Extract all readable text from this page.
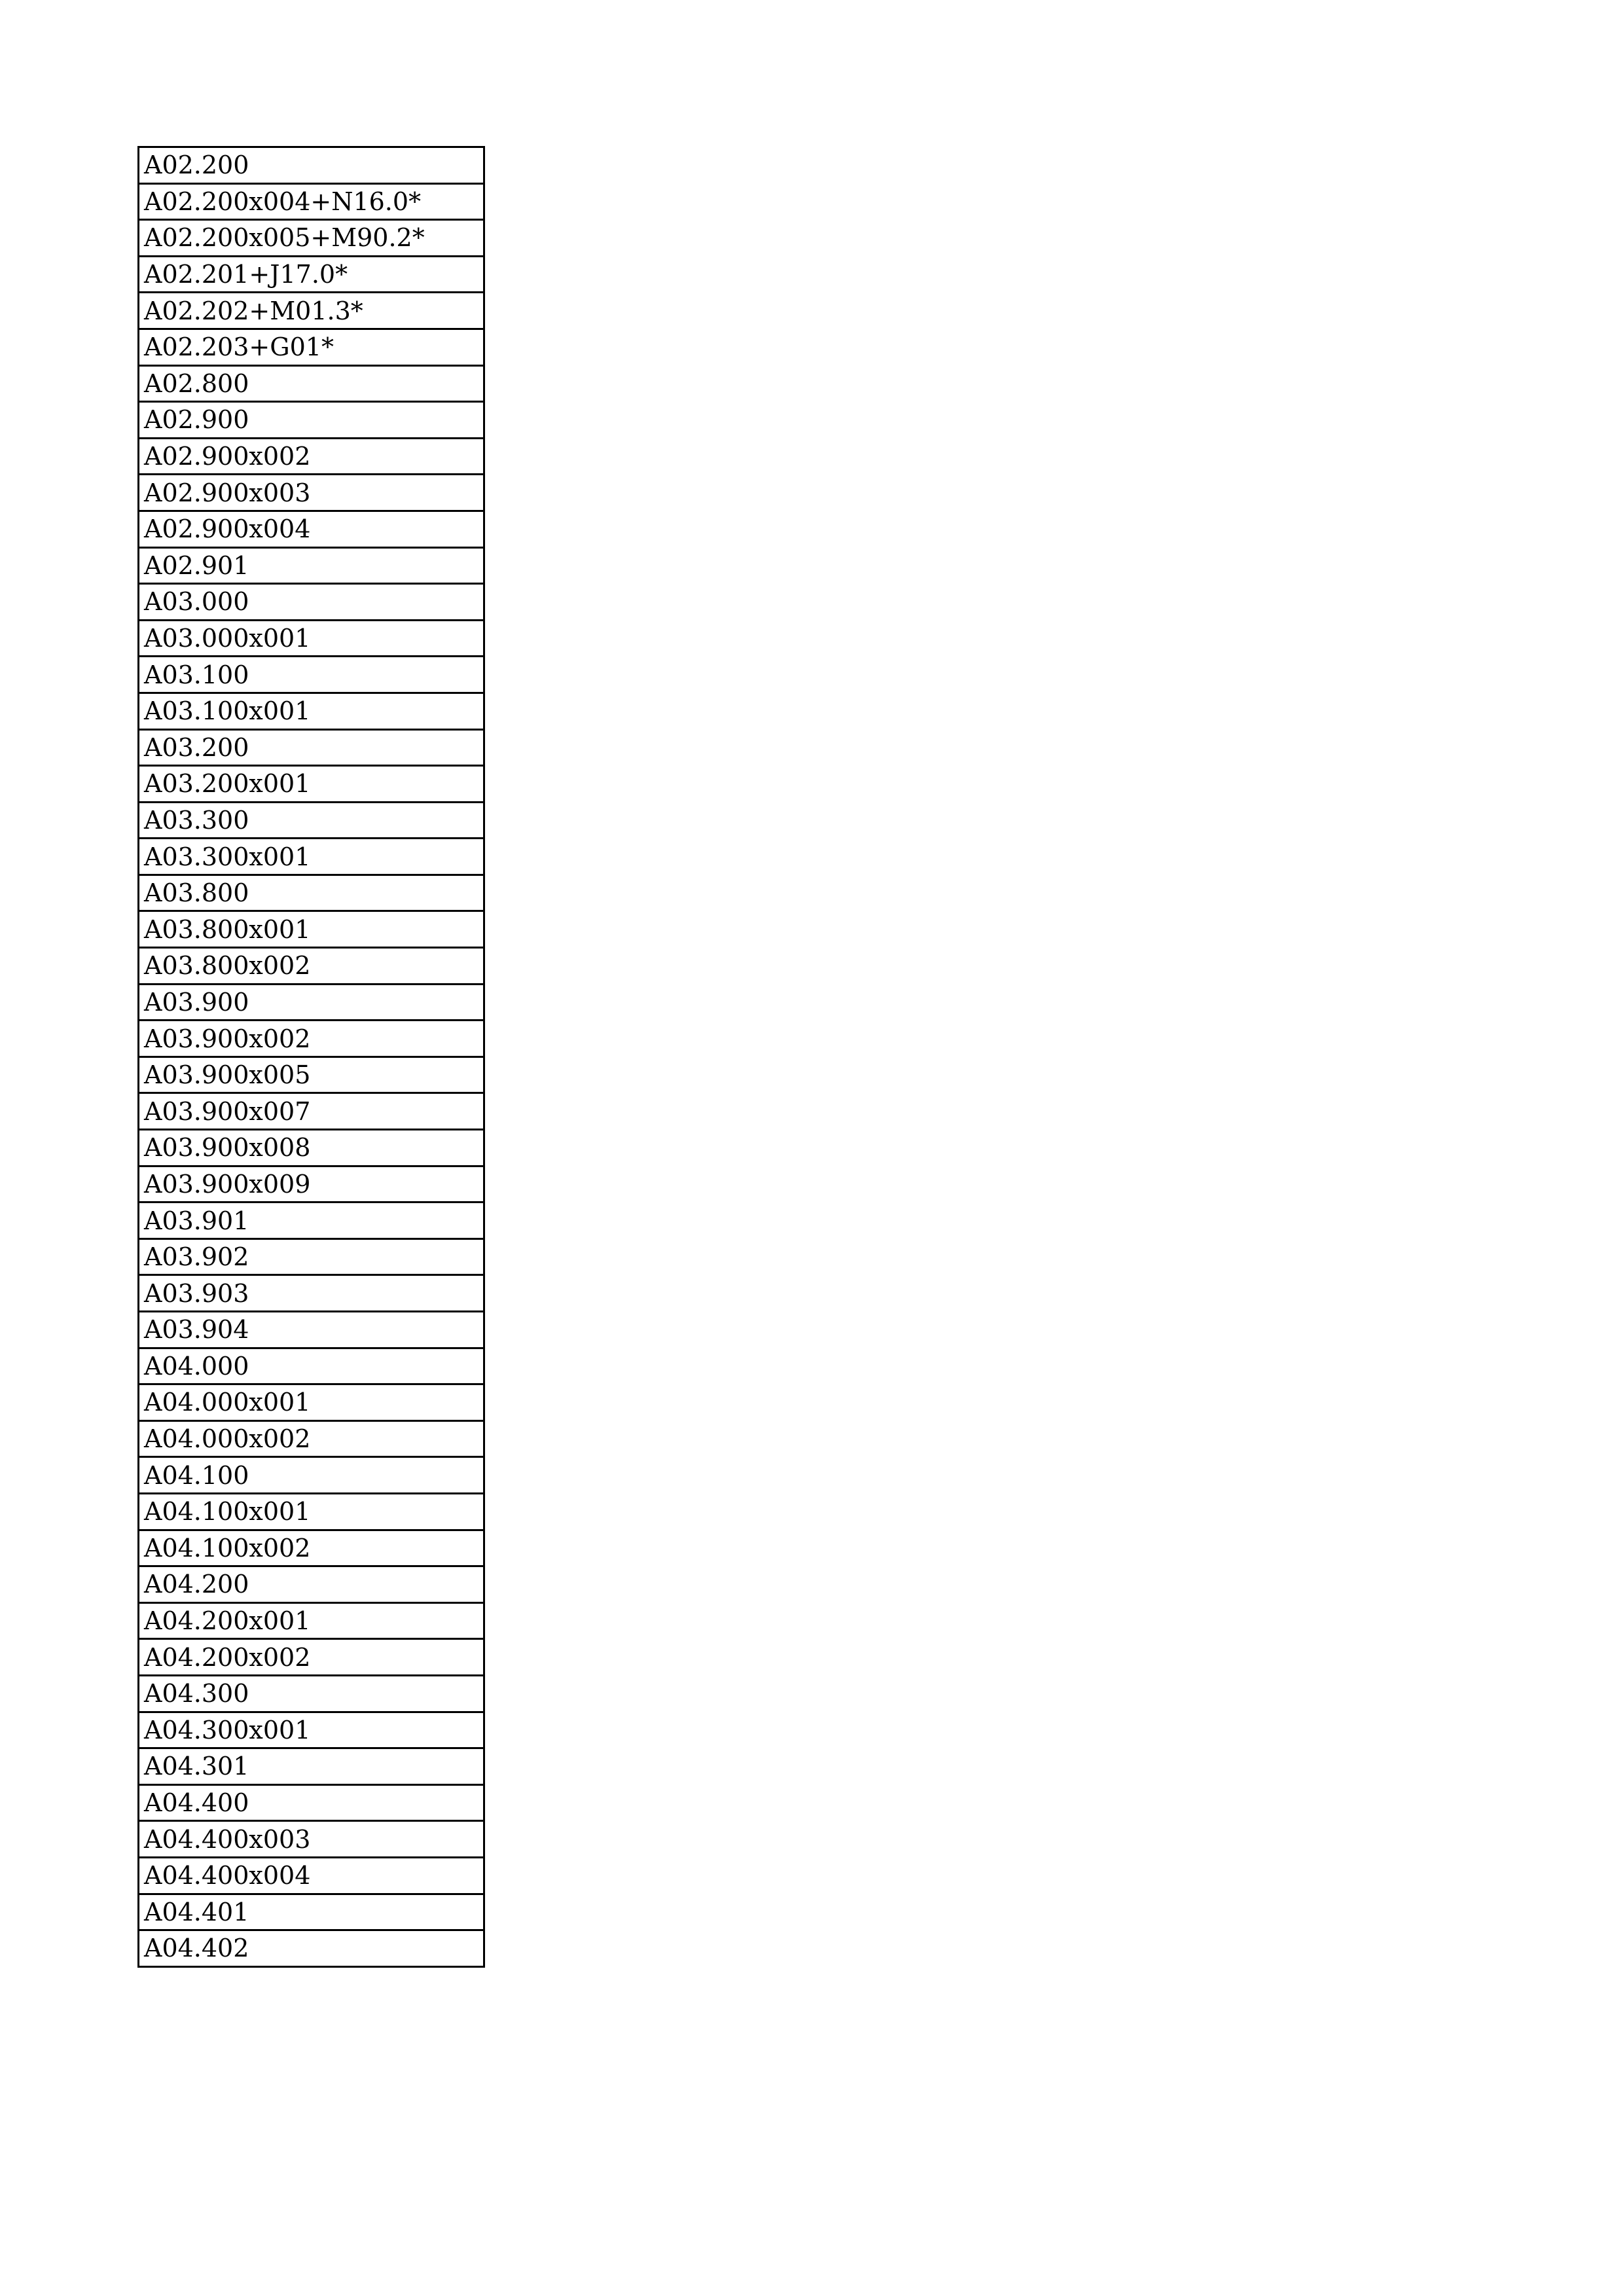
A02.200
A02.200x004+N16.0*
A02.200x005+M90.2*
A02.201+J17.0*
A02.202+M01.3*
A02.203+G01*
A02.800
A02.900
A02.900x002
A02.900x003
A02.900x004
A02.901
A03.000
A03.000x001
A03.100
A03.100x001
A03.200
A03.200x001
A03.300
A03.300x001
A03.800
A03.800x001
A03.800x002
A03.900
A03.900x002
A03.900x005
A03.900x007
A03.900x008
A03.900x009
A03.901
A03.902
A03.903
A03.904
A04.000
A04.000x001
A04.000x002
A04.100
A04.100x001
A04.100x002
A04.200
A04.200x001
A04.200x002
A04.300
A04.300x001
A04.301
A04.400
A04.400x003
A04.400x004
A04.401
A04.402
